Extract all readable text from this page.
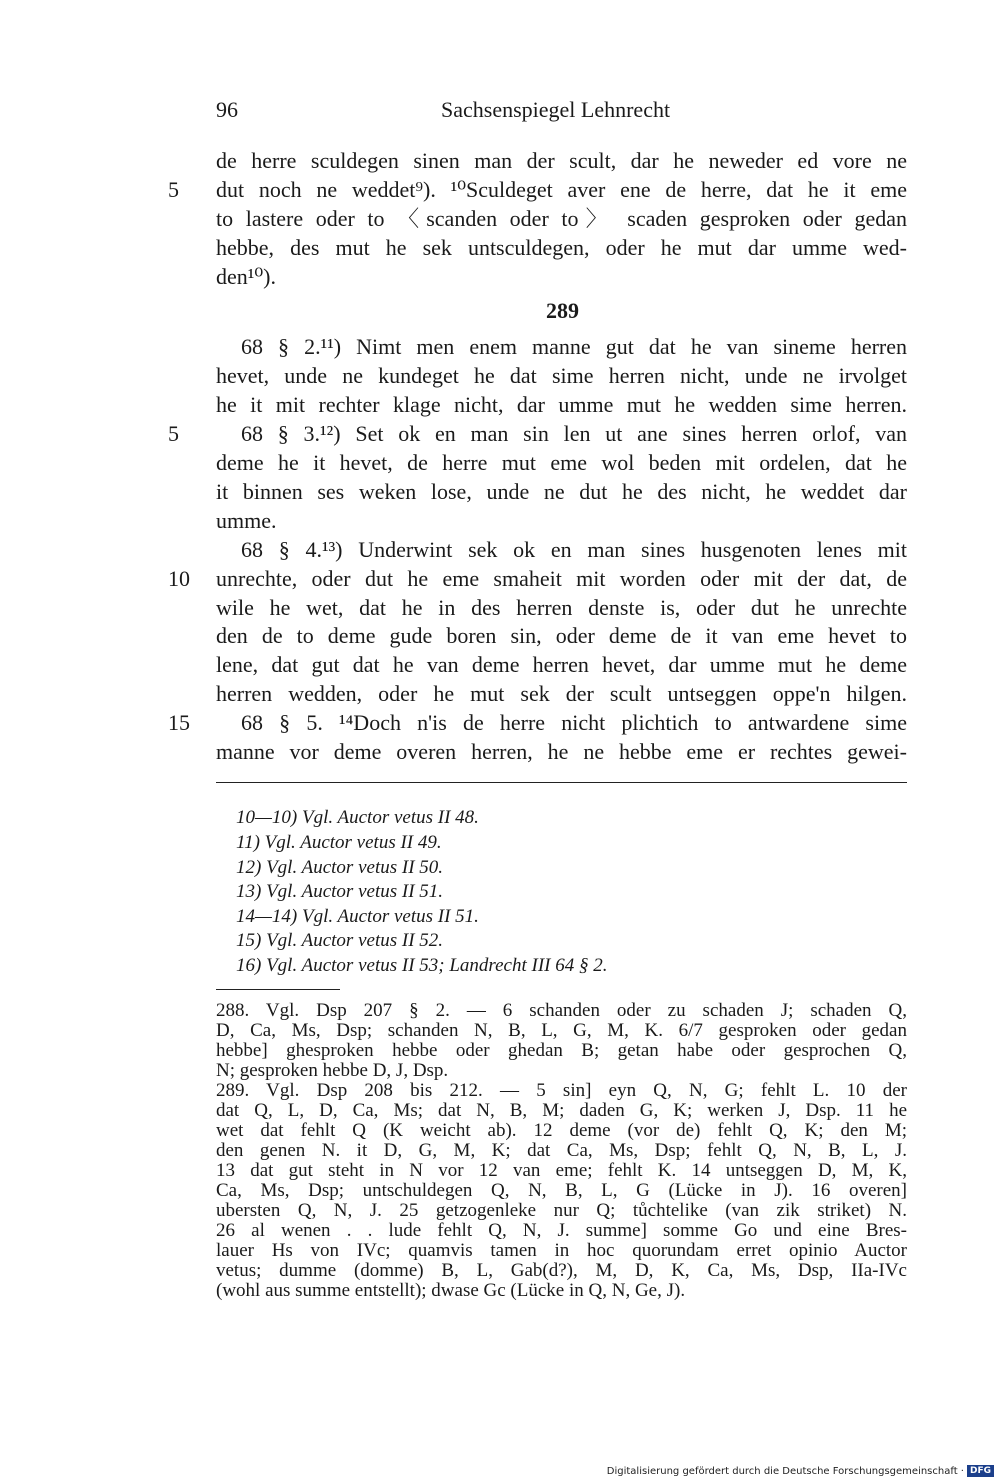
96	Sachsenspiegel Lehnrecht
de herre sculdegen sinen man der scult, dar he neweder ed vore ne
5 dut noch ne weddet⁹). ¹⁰Sculdeget aver ene de herre, dat he it eme
to lastere oder to 〈scanden oder to〉 scaden gesproken oder gedan
hebbe, des mut he sek untsculdegen, oder he mut dar umme wed-
den¹⁰).
289
68 § 2.¹¹) Nimt men enem manne gut dat he van sineme herren
hevet, unde ne kundeget he dat sime herren nicht, unde ne irvolget
he it mit rechter klage nicht, dar umme mut he wedden sime herren.
5	68 § 3.¹²) Set ok en man sin len ut ane sines herren orlof, van
deme he it hevet, de herre mut eme wol beden mit ordelen, dat he
it binnen ses weken lose, unde ne dut he des nicht, he weddet dar
umme.
68 § 4.¹³) Underwint sek ok en man sines husgenoten lenes mit
10 unrechte, oder dut he eme smaheit mit worden oder mit der dat, de
wile he wet, dat he in des herren denste is, oder dut he unrechte
den de to deme gude boren sin, oder deme de it van eme hevet to
lene, dat gut dat he van deme herren hevet, dar umme mut he deme
herren wedden, oder he mut sek der scult untseggen oppe'n hilgen.
15 68 § 5. ¹⁴Doch n'is de herre nicht plichtich to antwardene sime
manne vor deme overen herren, he ne hebbe eme er rechtes gewei-
10—10) Vgl. Auctor vetus II 48.
11) Vgl. Auctor vetus II 49.
12) Vgl. Auctor vetus II 50.
13) Vgl. Auctor vetus II 51.
14—14) Vgl. Auctor vetus II 51.
15) Vgl. Auctor vetus II 52.
16) Vgl. Auctor vetus II 53; Landrecht III 64 § 2.
288. Vgl. Dsp 207 § 2. — 6 schanden oder zu schaden J; schaden Q,
D, Ca, Ms, Dsp; schanden N, B, L, G, M, K. 6/7 gesproken oder gedan
hebbe] ghesproken hebbe oder ghedan B; getan habe oder gesprochen Q,
N; gesproken hebbe D, J, Dsp.
289. Vgl. Dsp 208 bis 212. — 5 sin] eyn Q, N, G; fehlt L. 10 der
dat Q, L, D, Ca, Ms; dat N, B, M; daden G, K; werken J, Dsp. 11 he
wet dat fehlt Q (K weicht ab). 12 deme (vor de) fehlt Q, K; den M;
den genen N. it D, G, M, K; dat Ca, Ms, Dsp; fehlt Q, N, B, L, J.
13 dat gut steht in N vor 12 van eme; fehlt K. 14 untseggen D, M, K,
Ca, Ms, Dsp; untschuldegen Q, N, B, L, G (Lücke in J). 16 overen]
ubersten Q, N, J. 25 getzogenleke nur Q; tůchtelike (van zik striket) N.
26 al wenen . . lude fehlt Q, N, J. summe] somme Go und eine Bres-
lauer Hs von IVc; quamvis tamen in hoc quorundam erret opinio Auctor
vetus; dumme (domme) B, L, Gab(d?), M, D, K, Ca, Ms, Dsp, IIa-IVc
(wohl aus summe entstellt); dwase Gc (Lücke in Q, N, Ge, J).
Digitalisierung gefördert durch die Deutsche Forschungsgemeinschaft · DFG
